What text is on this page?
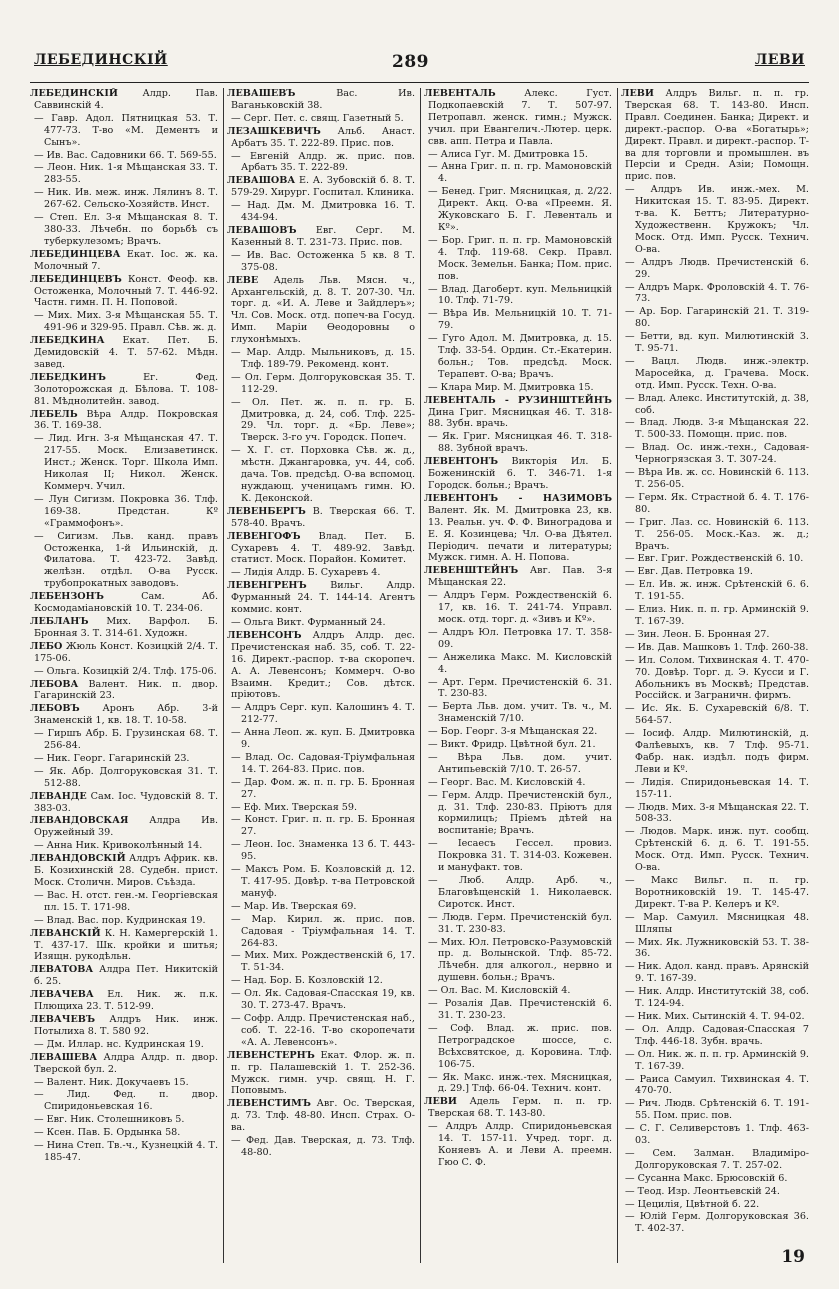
ЛЕБЕДИНСКІЙ	289	ЛЕВИ
ЛЕБЕДИНСКІЙ Алдр. Пав. Саввинскій 4.
— Гавр. Адол. Пятницкая 53. Т. 477-73. Т-во «М. Дементъ и Сынъ».
— Ив. Вас. Садовники 66. Т. 569-55.
— Леон. Ник. 1-я Мѣщанская 33. Т. 283-55.
— Ник. Ив. меж. инж. Лялинъ 8. Т. 267-62. Сельско-Хозяйств. Инст.
— Степ. Ел. 3-я Мѣщанская 8. Т. 380-33. Лѣчебн. по борьбѣ съ туберкулезомъ; Врачъ.
ЛЕБЕДИНЦЕВА Екат. Іос. ж. ка. Молочный 7.
ЛЕБЕДИНЦЕВЪ Конст. Феоф. кв. Остоженка, Молочный 7. Т. 446-92. Частн. гимн. П. Н. Поповой.
— Мих. Мих. 3-я Мѣщанская 55. Т. 491-96 и 329-95. Правл. Сѣв. ж. д.
ЛЕБЕДКИНА Екат. Пет. Б. Демидовскій 4. Т. 57-62. Мѣдн. завед.
ЛЕБЕДКИНЪ Ег. Фед. Золоторожская д. Бѣлова. Т. 108-81. Мѣднолитейн. завод.
ЛЕБЕЛЬ Вѣра Алдр. Покровская 36. Т. 169-38.
— Лид. Игн. 3-я Мѣщанская 47. Т. 217-55. Моск. Елизаветинск. Инст.; Женск. Торг. Школа Имп. Николая II; Никол. Женск. Коммерч. Учил.
— Лун Сигизм. Покровка 36. Тлф. 169-38. Предстан. Кº «Граммофонъ».
— Сигизм. Льв. канд. правъ Остоженка, 1-й Ильинскій, д. Филатова. Т. 423-72. Завѣд. желѣзн. отдѣл. О-ва Русск. трубопрокатных заводовъ.
ЛЕБЕНЗОНЪ Сам. Аб. Космодаміановскій 10. Т. 234-06.
ЛЕБЛАНЪ Мих. Варфол. Б. Бронная 3. Т. 314-61. Художн.
ЛЕБО Жюль Конст. Козицкій 2/4. Т. 175-06.
— Ольга. Козицкій 2/4. Тлф. 175-06.
ЛЕБОВА Валент. Ник. п. двор. Гагаринскій 23.
ЛЕБОВЪ Аронъ Абр. 3-й Знаменскій 1, кв. 18. Т. 10-58.
— Гиршъ Абр. Б. Грузинская 68. Т. 256-84.
— Ник. Георг. Гагаринскій 23.
— Як. Абр. Долгоруковская 31. Т. 512-88.
ЛЕВАНДЕ Сам. Іос. Чудовскій 8. Т. 383-03.
ЛЕВАНДОВСКАЯ Алдра Ив. Оружейный 39.
— Анна Ник. Кривоколѣнный 14.
ЛЕВАНДОВСКІЙ Алдръ Африк. кв. Б. Козихинскій 28. Судебн. прист. Моск. Столичн. Миров. Съѣзда.
— Вас. Н. отст. ген.-м. Георгіевская пл. 15. Т. 171-98.
— Влад. Вас. пор. Кудринская 19.
ЛЕВАНСКІЙ К. Н. Камергерскій 1. Т. 437-17. Шк. кройки и шитья; Изящн. рукодѣльн.
ЛЕВАТОВА Алдра Пет. Никитскій б. 25.
ЛЕВАЧЕВА Ел. Ник. ж. п.к. Плющиха 23. Т. 512-99.
ЛЕВАЧЕВЪ Алдръ Ник. инж. Потылиха 8. Т. 580 92.
— Дм. Иллар. нс. Кудринская 19.
ЛЕВАШЕВА Алдра Алдр. п. двор. Тверской бул. 2.
— Валент. Ник. Докучаевъ 15.
— Лид. Фед. п. двор. Спиридоньевская 16.
— Евг. Ник. Столешниковъ 5.
— Ксен. Пав. Б. Ордынка 58.
— Нина Степ. Тв.-ч., Кузнецкій 4. Т. 185-47.
ЛЕВАШЕВЪ Вас. Ив. Ваганьковскій 38.
— Серг. Пет. с. свящ. Газетный 5.
ЛЕЗАШКЕВИЧЪ Альб. Анаст. Арбатъ 35. Т. 222-89. Прис. пов.
— Евгеній Алдр. ж. прис. пов. Арбатъ 35. Т. 222-89.
ЛЕВАШОВА Е. А. Зубовскій б. 8. Т. 579-29. Хирург. Госпитал. Клиника.
— Над. Дм. М. Дмитровка 16. Т. 434-94.
ЛЕВАШОВЪ Евг. Серг. М. Казенный 8. Т. 231-73. Прис. пов.
— Ив. Вас. Остоженка 5 кв. 8 Т. 375-08.
ЛЕВЕ Адель Льв. Мясн. ч., Архангельскій, д. 8. Т. 207-30. Чл. торг. д. «И. А. Леве и Зайдлеръ»; Чл. Сов. Моск. отд. попеч-ва Госуд. Имп. Маріи Ѳеодоровны о глухонѣмыхъ.
— Мар. Алдр. Мыльниковъ, д. 15. Тлф. 189-79. Рекоменд. конт.
— Ол. Герм. Долгоруковская 35. Т. 112-29.
— Ол. Пет. ж. п. п. гр. Б. Дмитровка, д. 24, соб. Тлф. 225-29. Чл. торг. д. «Бр. Леве»; Тверск. 3-го уч. Городск. Попеч.
— Х. Г. ст. Порховка Сѣв. ж. д., мѣстн. Джангаровка, уч. 44, соб. дача. Тов. предсѣд. О-ва вспомоц. нуждающ. ученицамъ гимн. Ю. К. Деконской.
ЛЕВЕНБЕРГЪ В. Тверская 66. Т. 578-40. Врачъ.
ЛЕВЕНГОФЪ Влад. Пет. Б. Сухаревъ 4. Т. 489-92. Завѣд. статист. Моск. Порайон. Комитет.
— Лидія Алдр. Б. Сухаревъ 4.
ЛЕВЕНГРЕНЪ Вильг. Алдр. Фурманный 24. Т. 144-14. Агентъ коммис. конт.
— Ольга Викт. Фурманный 24.
ЛЕВЕНСОНЪ Алдръ Алдр. дес. Пречистенская наб. 35, соб. Т. 22-16. Директ.-распор. т-ва скоропеч. А. А. Левенсонъ; Коммерч. О-во Взаимн. Кредит.; Сов. дѣтск. пріютовъ.
— Алдръ Серг. куп. Калошинъ 4. Т. 212-77.
— Анна Леоп. ж. куп. Б. Дмитровка 9.
— Влад. Ос. Садовая-Тріумфальная 14. Т. 264-83. Прис. пов.
— Дар. Фом. ж. п. п. гр. Б. Бронная 27.
— Еф. Мих. Тверская 59.
— Конст. Григ. п. п. гр. Б. Бронная 27.
— Леон. Іос. Знаменка 13 б. Т. 443-95.
— Максъ Ром. Б. Козловскій д. 12. Т. 417-95. Довѣр. т-ва Петровской мануф.
— Мар. Ив. Тверская 69.
— Мар. Кирил. ж. прис. пов. Садовая - Тріумфальная 14. Т. 264-83.
— Мих. Мих. Рождественскій 6, 17. Т. 51-34.
— Над. Бор. Б. Козловскій 12.
— Ол. Як. Садовая-Спасская 19, кв. 30. Т. 273-47. Врачъ.
— Софр. Алдр. Пречистенская наб., соб. Т. 22-16. Т-во скоропечати «А. А. Левенсонъ».
ЛЕВЕНСТЕРНЪ Екат. Флор. ж. п. п. гр. Палашевскій 1. Т. 252-36. Мужск. гимн. учр. свящ. Н. Г. Поповымъ.
ЛЕВЕНСТИМЪ Авг. Ос. Тверская, д. 73. Тлф. 48-80. Инсп. Страх. О-ва.
— Фед. Дав. Тверская, д. 73. Тлф. 48-80.
ЛЕВЕНТАЛЬ Алекс. Густ. Подкопаевскій 7. Т. 507-97. Петропавл. женск. гимн.; Мужск. учил. при Евангелич.-Лютер. церк. свв. апп. Петра и Павла.
— Алиса Гуг. М. Дмитровка 15.
— Анна Григ. п. п. гр. Мамоновскій 4.
— Бенед. Григ. Мясницкая, д. 2/22. Директ. Акц. О-ва «Преемн. Я. Жуковскаго Б. Г. Левенталь и Кº».
— Бор. Григ. п. п. гр. Мамоновскій 4. Тлф. 119-68. Секр. Правл. Моск. Земельн. Банка; Пом. прис. пов.
— Влад. Дагоберт. куп. Мельницкій 10. Тлф. 71-79.
— Вѣра Ив. Мельницкій 10. Т. 71-79.
— Гуго Адол. М. Дмитровка, д. 15. Тлф. 33-54. Ордин. Ст.-Екатерин. больн.; Тов. предсѣд. Моск. Терапевт. О-ва; Врачъ.
— Клара Мир. М. Дмитровка 15.
ЛЕВЕНТАЛЬ - РУЗИНШТЕЙНЪ Дина Григ. Мясницкая 46. Т. 318-88. Зубн. врачь.
— Як. Григ. Мясницкая 46. Т. 318-88. Зубной врачъ.
ЛЕВЕНТОНЪ Викторія Ил. Б. Боженинскій 6. Т. 346-71. 1-я Городск. больн.; Врачъ.
ЛЕВЕНТОНЪ - НАЗИМОВЪ Валент. Як. М. Дмитровка 23, кв. 13. Реальн. уч. Ф. Ф. Виноградова и Е. Я. Козинцева; Чл. О-ва Дѣятел. Періодич. печати и литературы; Мужск. гимн. А. Н. Попова.
ЛЕВЕНШТЕЙНЪ Авг. Пав. 3-я Мѣщанская 22.
— Алдръ Герм. Рождественскій 6. 17, кв. 16. Т. 241-74. Управл. моск. отд. торг. д. «Зивъ и Кº».
— Алдръ Юл. Петровка 17. Т. 358-09.
— Анжелика Макс. М. Кисловскій 4.
— Арт. Герм. Пречистенскій 6. 31. Т. 230-83.
— Берта Льв. дом. учит. Тв. ч., М. Знаменскій 7/10.
— Бор. Георг. 3-я Мѣщанская 22.
— Викт. Фридр. Цвѣтной бул. 21.
— Вѣра Льв. дом. учит. Антипьевскій 7/10. Т. 26-57.
— Георг. Вас. М. Кисловскій 4.
— Герм. Алдр. Пречистенскій бул., д. 31. Тлф. 230-83. Пріютъ для кормилицъ; Пріемъ дѣтей на воспитаніе; Врачъ.
— Іесаесъ Гессел. провиз. Покровка 31. Т. 314-03. Кожевен. и мануфакт. тов.
— Люб. Алдр. Арб. ч., Благовѣщенскій 1. Николаевск. Сиротск. Инст.
— Людв. Герм. Пречистенскій бул. 31. Т. 230-83.
— Мих. Юл. Петровско-Разумовскій пр. д. Волынской. Тлф. 85-72. Лѣчебн. для алкогол., нервно и душевн. больн.; Врачъ.
— Ол. Вас. М. Кисловскій 4.
— Розалія Дав. Пречистенскій 6. 31. Т. 230-23.
— Соф. Влад. ж. прис. пов. Петроградское шоссе, с. Всѣхсвятское, д. Коровина. Тлф. 106-75.
— Як. Макс. инж.-тех. Мясницкая, д. 29.] Тлф. 66-04. Технич. конт.
ЛЕВИ Адель Герм. п. п. гр. Тверская 68. Т. 143-80.
— Алдръ Алдр. Спиридоньевская 14. Т. 157-11. Учред. торг. д. Коняевъ А. и Леви А. преемн. Гюо С. Ф.
ЛЕВИ Алдръ Вильг. п. п. гр. Тверская 68. Т. 143-80. Инсп. Правл. Соединен. Банка; Директ. и директ.-распор. О-ва «Богатырь»; Директ. Правл. и директ.-распор. Т-ва для торговли и промышлен. въ Персіи и Средн. Азіи; Помощн. прис. пов.
— Алдръ Ив. инж.-мех. М. Никитская 15. Т. 83-95. Директ. т-ва. К. Беттъ; Литературно-Художественн. Кружокъ; Чл. Моск. Отд. Имп. Русск. Технич. О-ва.
— Алдръ Людв. Пречистенскій 6. 29.
— Алдръ Марк. Фроловскій 4. Т. 76-73.
— Ар. Бор. Гагаринскій 21. Т. 319-80.
— Бетти, вд. куп. Милютинскій 3. Т. 95-71.
— Вацл. Людв. инж.-электр. Маросейка, д. Грачева. Моск. отд. Имп. Русск. Техн. О-ва.
— Влад. Алекс. Институтскій, д. 38, соб.
— Влад. Людв. 3-я Мѣщанская 22. Т. 500-33. Помощн. прис. пов.
— Влад. Ос. инж.-техн., Садовая-Черногрязская 3. Т. 307-24.
— Вѣра Ив. ж. сс. Новинскій 6. 113. Т. 256-05.
— Герм. Як. Страстной б. 4. Т. 176-80.
— Григ. Лаз. сс. Новинскій 6. 113. Т. 256-05. Моск.-Каз. ж. д.; Врачъ.
— Евг. Григ. Рождественскій 6. 10.
— Евг. Дав. Петровка 19.
— Ел. Ив. ж. инж. Срѣтенскій 6. 6. Т. 191-55.
— Елиз. Ник. п. п. гр. Арминскій 9. Т. 167-39.
— Зин. Леон. Б. Бронная 27.
— Ив. Дав. Машковъ 1. Тлф. 260-38.
— Ил. Солом. Тихвинская 4. Т. 470-70. Довѣр. Торг. д. Э. Кусси и Г. Абольникъ въ Москвѣ; Представ. Россійск. и Заграничн. фирмъ.
— Ис. Як. Б. Сухаревскій 6/8. Т. 564-57.
— Іосиф. Алдр. Милютинскій, д. Фалѣевыхъ, кв. 7 Тлф. 95-71. Фабр. нак. издѣл. подъ фирм. Леви и Кº.
— Лидія. Спиридоньевская 14. Т. 157-11.
— Людв. Мих. 3-я Мѣщанская 22. Т. 508-33.
— Людов. Марк. инж. пут. сообщ. Срѣтенскій 6. д. 6. Т. 191-55. Моск. Отд. Имп. Русск. Технич. О-ва.
— Макс Вильг. п. п. гр. Воротниковскій 19. Т. 145-47. Директ. Т-ва Р. Келеръ и Кº.
— Мар. Самуил. Мясницкая 48. Шляпы
— Мих. Як. Лужниковскій 53. Т. 38-36.
— Ник. Адол. канд. правъ. Арянскій 9. Т. 167-39.
— Ник. Алдр. Институтскій 38, соб. Т. 124-94.
— Ник. Мих. Сытинскій 4. Т. 94-02.
— Ол. Алдр. Садовая-Спасская 7 Тлф. 446-18. Зубн. врачь.
— Ол. Ник. ж. п. п. гр. Арминскій 9. Т. 167-39.
— Раиса Самуил. Тихвинская 4. Т. 470-70.
— Рич. Людв. Срѣтенскій 6. Т. 191-55. Пом. прис. пов.
— С. Г. Селиверстовъ 1. Тлф. 463-03.
— Сем. Залман. Владиміро-Долгоруковская 7. Т. 257-02.
— Сусанна Макс. Брюсовскій 6.
— Теод. Изр. Леонтьевскій 24.
— Цецилія, Цвѣтной б. 22.
— Юлій Герм. Долгоруковская 36. Т. 402-37.
19
